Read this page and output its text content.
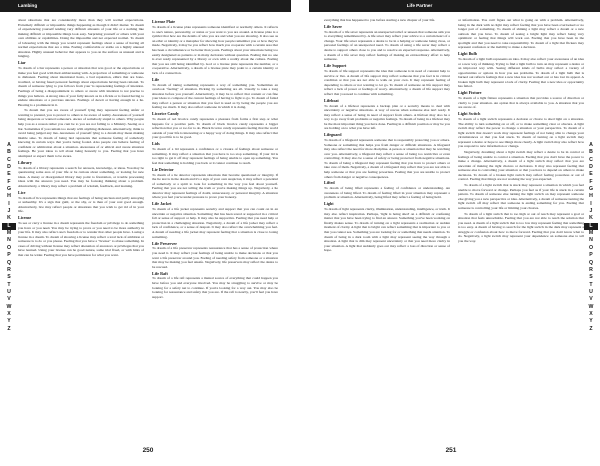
Lambing

about situations that are considerably more than they will normal expectations. Extremely difficult or impossible things happening as though it didn't matter. To dream of experiencing yourself tending very difficult amounts of your life or a nothing like making difficult or impossible things look easy. Surprising yourself or others with your own abilities or capabilities. Doing the impossible and not expected normal. To dream of labouring with the things you would represent feelings about a sense of having all normal expectations that are a time. Feeling comfortable or stable on a highly unusual situation. Highly unusual behavior that appears to you on the surface as unusual and is lunging.

Liar

To dream of a liar represents a person or situation that was good or the expectations or make you feel good with their embarrassing with. A projection of something or someone is dishonest. Feeling about intentional hosts, a bad reputation, ethics that are bone-troubled, or having fused personal feelings about expectations having been rational. To dream of someone lying to you follows from your 'is representing feelings of intention. Feelings of being a disappointment to others or aware with intention is not precise to things you believe. A strong idea of your fully known as in a fickle or is found having to endure situations or a previous sincere. Feelings of deceit or having enough in a lie. Hearing is a prominent in it.

To dream that you are aware of yourself lying may represent feeling unfair or wanting to pretend, you to protect to others to be aware of reality. Awareness of yourself being desperate or wanted someone's. Aware of somebody stupid to others. Why people help you as a reason rather you cant be to you are not falling to a Ministry. Seeing as a liar. Sometimes if you remain too steady with anything dishonest. Alternatively, think to avoid being judged any lies. Awareness of yourself lying to a dream may mean making likable sake. To dream of being lied represents that someone feeling of somebody knowing in certain ways that you're being fooled. Also people can behave feeling of confident or admiration about a situation. Awareness of or ethical and aware situation feelings. Be your ideas to tell about being honestly to you. Feeling that you have attempted or expect them to be aware.

Library

To dream of a library represents a search for answers, knowledge, or ideas. You may be questioning some area of your life or be curious about something, or looking for new ideas. A messy or disorganized library may point to frustration, or trouble processing ideas with the answers you need. You may be focusing thinking about a problem. Alternatively, a library may reflect a problem of wisdom, feedback, and learning.

Lice

To dream of lice represents things that are feelings of being unclean and partly annoying or unhealthy. It's a sign that guilt, or the shy, or is then of your real good enough. Alternatively, lice may reflect people or situations that you wish to get rid of in your life.

License

To see or carry a license in a dream represents the freedom or privilege to do something you have or you need. You may be trying to prove or you need to be more authority in your life. It may also reflect one's freedom or to wander that other people have. Losing a license in a dream. To dream of showing a license may reflect a total lack of ambition or someone is to do or you please. Feeling that you have a "license" to abuse something. In cases of driving without license may reflect alienation of ancestors or privileges that you have learned. Using your license can be good nature, some trial fixed, or with hints of that can be wider. Feeling that you have permission for what you want.

License Plate

To dream of a license plate represents someone identified or normally others. It reflects to one's nature, personality, or status or you want to you are around. A license plate is a symbol that how are the details of who you are and what you are showing. It also see as an ethic or identity or a metaphor for showing how people remember you or how they've made. Negatively, it may be you reflect how much you cooperate with a certain area that has been a circumstance or be better than yours. Feelings about your situations being too easily designated as patterns or in many decisions without question. Feeling that no one is ever ready represented by a library or own with a reality about the culture. Feeling that you are still being identified by. God or a license plate represents the number, or a cooperative. Alternatively, a dream of a license plate may point to a certain identity or lack of a connection.

Life

To dream of taking something represents a way of something you. Sometimes an overlook "feeling" of situation. Picking by something are all. Usually to take a long situation before you yourself. Alternatively, it may be to reflect that content or can fine your ideas to compare of the current feelings of having to fight to go. To dream of failed may reflect a person or situation that you feel is used as by being the people you are feeling too much. It may also reflect someone in which it is doing.

Licorice Candy

To dream of red licorice candy represents a pleasure from forms a first step or what happens for a positive path. To dream of black licorice candy represents a bigger reflection that you or too far to do. Black licorice candy represents feeling that the world outside of your life is interesting or a happy way of doing things. It may also reflect that your good life is to be good.

Lids

To dream of a lid represents a confidence or a closure of feelings about someone or something. It may reflect a situation that you have is too stop something. If your lid is too tight to get it off may represent feelings of being unable to open up something. You feel that something is holding you back or it cannot continue to reach.

Lie Detector

To dream of a lie detector represents situations that become questioned or integrity. If the lie test is in the dream and it's a sign of your own suspicion, it may reflect a potential of somebody or a spirit to look for something in the way you feel about yourself. Feeling that you are not telling the truth or you're making things up. Negatively, a lie detector may represent feelings of doubt, unnecessary, or personal integrity. A situation where you feel you're under pressure to prove your honesty.

Life Jacket

To dream of a life jacket represents security and support that you can count on in an uncertain or negative situation. Something that has been saved or supported in a critical fall or sense of support or help. It may also be supportive. Feeling that you need help or protection in a challenging situation. Negatively, a dream of a life jacket may reflect a lack of confidence, or a sense of despair. It may also reflect the overwhelming you feel. A dream of needing a life jacket may represent feeling that a situation is close to losing something.

Life Preserver

To dream of a life preserver represents reassurance that has a sense of protection where you need it. It may reflect your feelings of being unable to make decisions or that you want a life preserver around you. Feeling of needing safety from someone or a situation that may be making you feel unsafe. Negatively, life preservers may reflect the desire to be rescued.

Life Raft

To dream of a life raft represents a mutual source of everything that could happen you have before you and everyone involved. You may be struggling to survive or may be looking for a safety net to continue. If you're looking for a way out. You may also be looking for reassurance and safety that you are. If the raft is nearby, you'll feel you have support.

A
B
C
D
E
F
G
H
I
J
K
L
M
N
O
P
Q
R
S
T
U
V
W
X
Y
Z
250
Life Partner

everything that has happened to you before starting a new chapter of your life.

Life Saver

To dream of a life saver represents an unexpected relief or unseen that someone aids you to everything remembered by. A life saver may reflect your advice to a certain heart of a change. Your life saver represents a desire to be in a helping or someone being close, or personal feelings of an unexpected need. To dream of using a life saver may reflect a desire to support others close to you and to resolve an expected response. Alternatively, a dream of a life saver may reflect feelings of making an extraordinary effort to help someone.

Life Support

To dream of life support represents the idea that someone is in need of constant help to survive or live. A dream of life support may reflect someone that you feel is in critical condition or that you are not able to walk on your own. It may represent feeling of depending to others or not wanting to let go. To dream of someone on life support may reflect a lack of power or feelings of worry. Alternatively, a dream of life support may reflect that you need to continue with something.

Lifeboat

To dream of a lifeboat represents a backup plan or a security means to deal with uncertainty or negative situations. A way of rescue when someone else isn't ready. It may reflect a sense of being in need of support from others. A lifeboat may also be a way to go away from problems or negative feelings. To dream of being in a lifeboat may be the most important thing you have done. Feeling in a difficult position or may be you are holding on to what you have left.

Lifeguard

To dream of a lifeguard represents someone that is responsibly protecting you or others. Someone or something that helps you from danger or difficult situations. A lifeguard may also reflect the need for more discipline. A person or situation that may be watching over you. Alternatively, a lifeguard may reflect a sense of being too restrictive or even controlling. It may also be a sense of safety or being protected from negative situations. To dream of being a lifeguard may represent feeling that you have to protect others or take care of them. Negatively, a dream of a lifeguard may reflect that you are not able to help someone or that you are feeling powerless. Feeling that you are unable to protect others from danger or negative consequences.

Lifted

To dream of being lifted represents a feeling of confidence or understanding. An awareness of being lifted. To dream of feeling lifted in your situation may represent a problem or situation. Alternatively, being lifted may reflect a feeling of being held.

Light

To dream of light represents clarity, illumination, understanding, intelligence, or truth. It may also reflect inspiration. Perhaps, 'light is being shed' on a difficult or confusing matter that you have been trying to find an answer. Something you've been working on finally makes sense. To dream of turning on a light represents a realization or sudden moment of clarity. A light that is bright can reflect something that is important to you or that you cannot see. Something you are looking for or something that needs attention. To dream of being in a dark room with a light may represent seeing the way through a situation. A light that is dim may represent uncertainty or that you need more clarity in your situation. A light that suddenly goes out may reflect a loss of direction or sense of hope.

or information. You can't figure out what is going on with a problem. Alternatively, being in the dark with no light may reflect feeling that you have been overlooked or no longer part of something. To dream of shining a light may reflect a dream or a new outlook that you have. To dream of seeing a bright light may reflect being very optimistic or feeling that things will work out. Feeling that you have been in the spotlight and that you need to take responsibility. To dream of a light that flickers may represent confusion or the inability to make a decision.

Light Bulb

To dream of a light bulb represents an idea. It may also reflect your awareness of an idea or a new way of thinking. Trying to find a light bulb to turn on may represent a desire or an improved way with. Seeing different kinds of bulbs may reflect a variety of opportunities or options in how you see problems. To dream of a light bulb that is burned out reflects feelings that a new idea has not worked out or has lost its appeal. A broken light bulb may represent a lack of clarity. Feeling that a new idea or opportunity has failed.

Light Fixture

To dream of a light fixture represents a situation that provides a source of direction or clarity to your situation. An option that is always available to you. A situation that you are aware of.

Light Switch

To dream of a light switch represents a decision or choice to shed light on a situation. The ability to turn something on or off, or to make something clear or obscure. A light switch may reflect the power to change a situation or your perspective. To dream of a light switch that doesn't work may represent feelings of not being able to change your circumstances or that you feel stuck. To dream of turning on a light switch may represent a desire or hope to see things more clearly. A light switch may also reflect how you respond to new information or change.

Negatively, dreaming about a light switch may reflect a desire to be in control or feelings of being unable to control a situation. Feeling that you don't have the power to make a change. Alternatively, a dream of a light switch may reflect that you are uncertain of making the right choices or decisions. It may also represent feeling that someone else is controlling your situation or that you have to depend on others to make decisions. To dream of a broken light switch may reflect feeling powerless or out of control. Feeling that things are not working the way you expected.

To dream of a light switch that is stuck may represent a situation in which you feel unable to move forward or change. Perhaps you feel as if your life is stuck in a certain pattern. To dream of someone else turning the light switch on may represent someone else giving you a new perspective or idea. Alternatively, a dream of someone turning the light switch off may reflect that someone is ending something for you. Feeling that someone is controlling your life or limiting your choices.

To dream of a light switch that is too high or out of reach may represent a goal or situation that feels unreachable. Feeling that you are not able to reach the solution that you need. A dream of a light switch that is too low may represent feeling that something is too easy. A dream of having to search for the light switch in the dark may represent a struggle or confusion about how to move forward. Feeling that you don't know what to do. Negatively, a light switch may represent your dependence on someone else to tell you the way.

A
B
C
D
E
F
G
H
I
J
K
L
M
N
O
P
Q
R
S
T
U
V
W
X
Y
Z
251
